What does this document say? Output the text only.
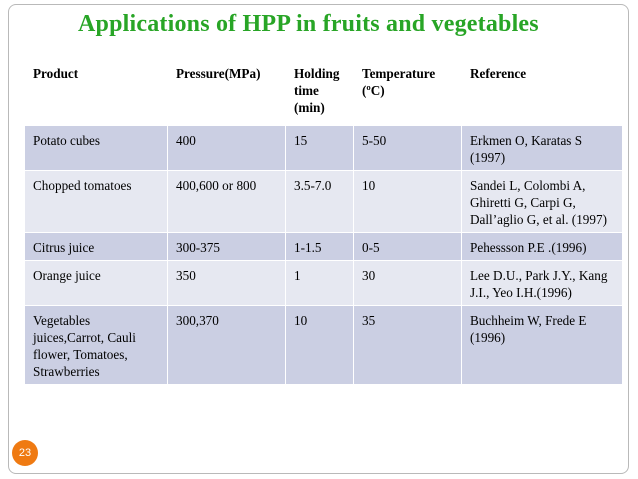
Applications of HPP in fruits and vegetables
Product	Pressure(MPa)	Holding time (min)	Temperature (ºC)	Reference
Potato cubes	400	15	5-50	Erkmen O, Karatas S (1997)
Chopped tomatoes	400,600 or 800	3.5-7.0	10	Sandei L, Colombi A, Ghiretti G, Carpi G, Dall’aglio G, et al. (1997)
Citrus juice	300-375	1-1.5	0-5	Pehessson P.E .(1996)
Orange juice	350	1	30	Lee D.U., Park J.Y., Kang J.I., Yeo I.H.(1996)
Vegetables juices,Carrot, Cauli flower, Tomatoes, Strawberries	300,370	10	35	Buchheim W, Frede E (1996)
23
